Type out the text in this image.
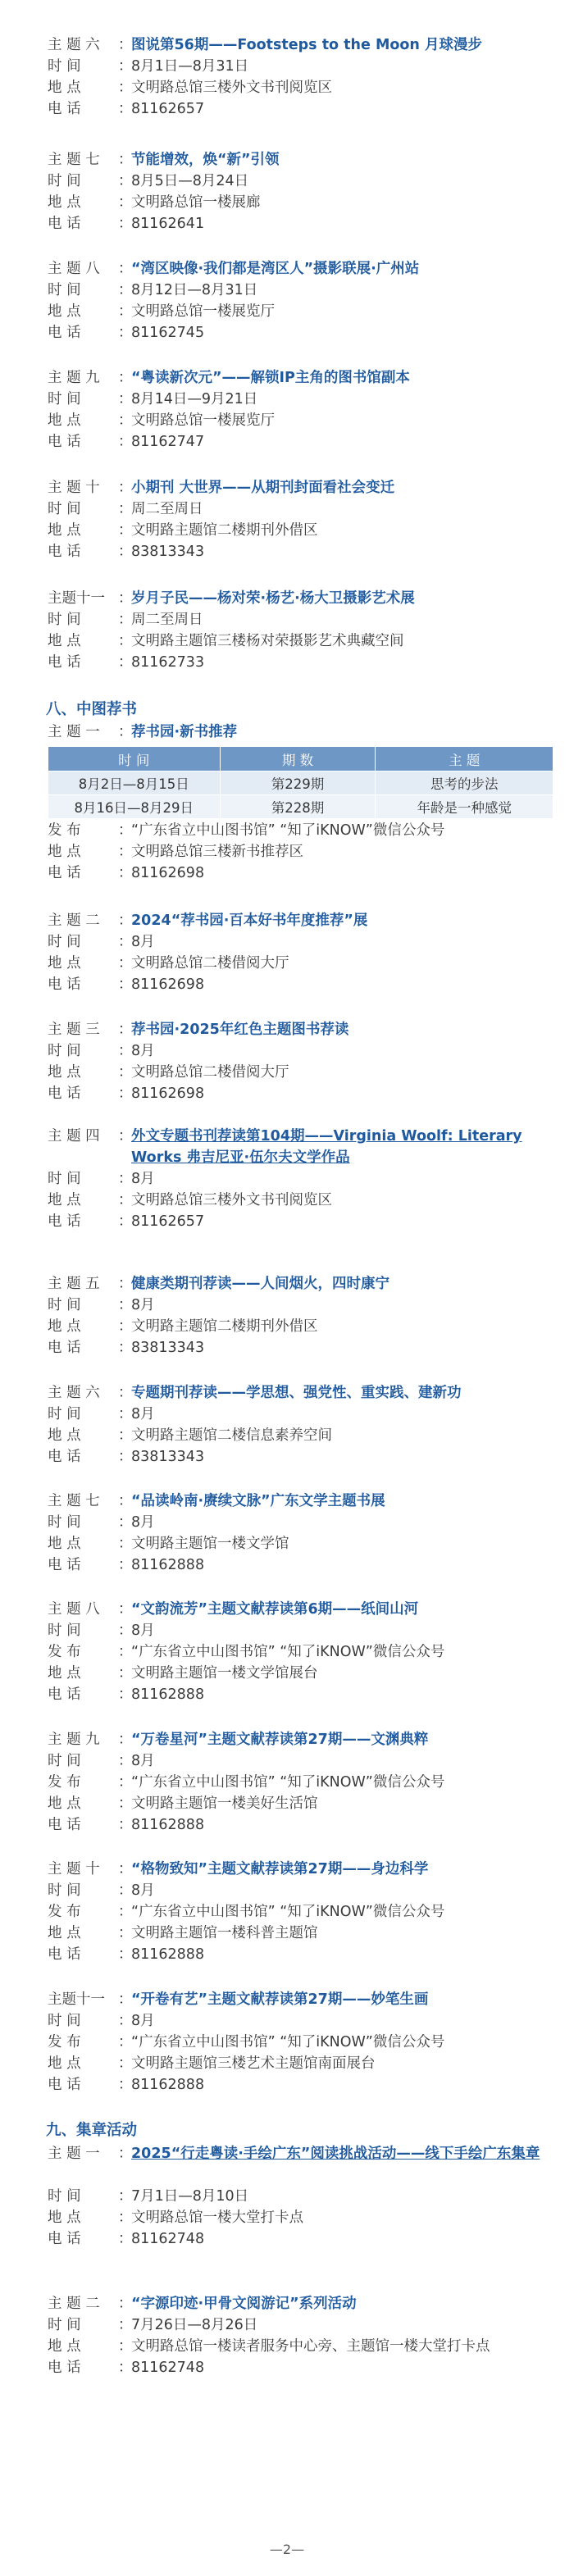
主 题 六 ：
图说第56期——Footsteps to the Moon 月球漫步
时 间	：
8月1日—8月31日
地 点	：
文明路总馆三楼外文书刊阅览区
电 话	：
81162657
主 题 七 ：
节能增效，焕“新”引领
时 间	：
8月5日—8月24日
地 点	：
文明路总馆一楼展廊
电 话	：
81162641
主 题 八 ：
“湾区映像·我们都是湾区人”摄影联展·广州站
时 间	：
8月12日—8月31日
地 点	：
文明路总馆一楼展览厅
电 话	：
81162745
主 题 九 ：
“粤读新次元”——解锁IP主角的图书馆副本
时 间	：
8月14日—9月21日
地 点	：
文明路总馆一楼展览厅
电 话	：
81162747
主 题 十 ：
小期刊 大世界——从期刊封面看社会变迁
时 间	：
周二至周日
地 点	：
文明路主题馆二楼期刊外借区
电 话	：
83813343
主题十一 ：
岁月子民——杨对荣·杨艺·杨大卫摄影艺术展
时 间	：
周二至周日
地 点	：
文明路主题馆三楼杨对荣摄影艺术典藏空间
电 话	：
81162733
八、中图荐书
主 题 一 ：
荐书园·新书推荐
时 间	期 数	主 题
8月2日—8月15日	第229期	思考的步法
8月16日—8月29日	第228期	年龄是一种感觉
发 布	：
“广东省立中山图书馆” “知了iKNOW”微信公众号
地 点	：
文明路总馆三楼新书推荐区
电 话	：
81162698
主 题 二 ：
2024“荐书园·百本好书年度推荐”展
时 间	：
8月
地 点	：
文明路总馆二楼借阅大厅
电 话	：
81162698
主 题 三 ：
荐书园·2025年红色主题图书荐读
时 间	：
8月
地 点	：
文明路总馆二楼借阅大厅
电 话	：
81162698
主 题 四 ：
外文专题书刊荐读第104期——Virginia Woolf: Literary Works 弗吉尼亚·伍尔夫文学作品
时 间	：
8月
地 点	：
文明路总馆三楼外文书刊阅览区
电 话	：
81162657
主 题 五 ：
健康类期刊荐读——人间烟火，四时康宁
时 间	：
8月
地 点	：
文明路主题馆二楼期刊外借区
电 话	：
83813343
主 题 六 ：
专题期刊荐读——学思想、强党性、重实践、建新功
时 间	：
8月
地 点	：
文明路主题馆二楼信息素养空间
电 话	：
83813343
主 题 七 ：
“品读岭南·赓续文脉”广东文学主题书展
时 间	：
8月
地 点	：
文明路主题馆一楼文学馆
电 话	：
81162888
主 题 八 ：
“文韵流芳”主题文献荐读第6期——纸间山河
时 间	：
8月
发 布	：
“广东省立中山图书馆” “知了iKNOW”微信公众号
地 点	：
文明路主题馆一楼文学馆展台
电 话	：
81162888
主 题 九 ：
“万卷星河”主题文献荐读第27期——文渊典粹
时 间	：
8月
发 布	：
“广东省立中山图书馆” “知了iKNOW”微信公众号
地 点	：
文明路主题馆一楼美好生活馆
电 话	：
81162888
主 题 十 ：
“格物致知”主题文献荐读第27期——身边科学
时 间	：
8月
发 布	：
“广东省立中山图书馆” “知了iKNOW”微信公众号
地 点	：
文明路主题馆一楼科普主题馆
电 话	：
81162888
主题十一 ：
“开卷有艺”主题文献荐读第27期——妙笔生画
时 间	：
8月
发 布	：
“广东省立中山图书馆” “知了iKNOW”微信公众号
地 点	：
文明路主题馆三楼艺术主题馆南面展台
电 话	：
81162888
九、集章活动
主 题 一 ：
2025“行走粤读·手绘广东”阅读挑战活动——线下手绘广东集章
时 间	：
7月1日—8月10日
地 点	：
文明路总馆一楼大堂打卡点
电 话	：
81162748
主 题 二 ：
“字源印迹·甲骨文阅游记”系列活动
时 间	：
7月26日—8月26日
地 点	：
文明路总馆一楼读者服务中心旁、主题馆一楼大堂打卡点
电 话	：
81162748
—2—
